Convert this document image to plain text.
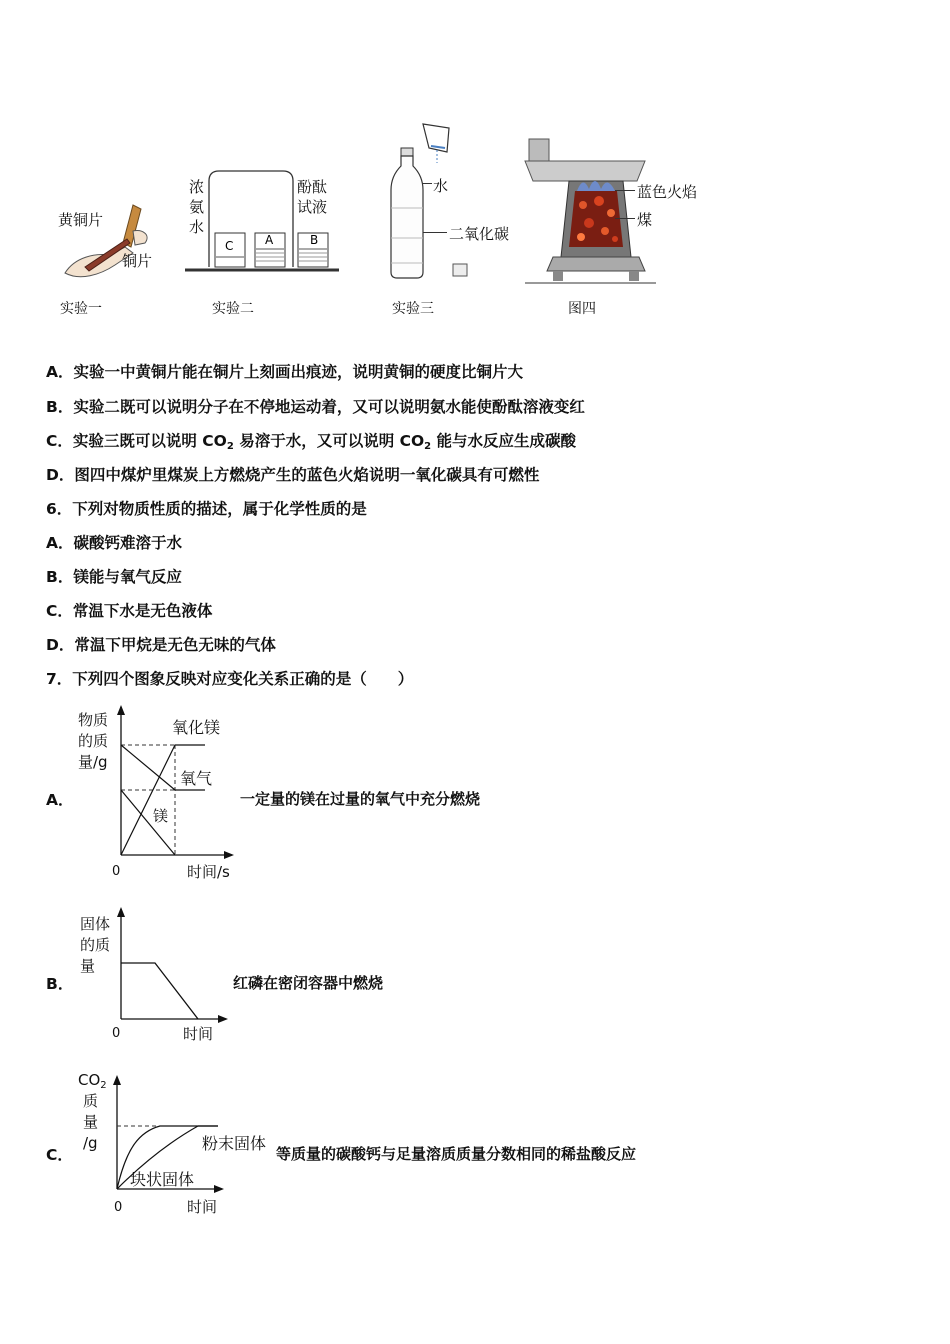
黄铜片
铜片
实验一
C	A	B
浓
氨
水
酚酞
试液
实验二
水
二氧化碳
实验三
蓝色火焰
煤
图四
A．实验一中黄铜片能在铜片上刻画出痕迹，说明黄铜的硬度比铜片大
B．实验二既可以说明分子在不停地运动着，又可以说明氨水能使酚酞溶液变红
C．实验三既可以说明 $CO_2$ 易溶于水，又可以说明 $CO_2$ 能与水反应生成碳酸
D．图四中煤炉里煤炭上方燃烧产生的蓝色火焰说明一氧化碳具有可燃性
6．下列对物质性质的描述，属于化学性质的是
A．碳酸钙难溶于水
B．镁能与氧气反应
C．常温下水是无色液体
D．常温下甲烷是无色无味的气体
7．下列四个图象反映对应变化关系正确的是（　　）
A．
物质
的质
量/g
氧化镁
氧气
镁
0	时间/s
一定量的镁在过量的氧气中充分燃烧
B．
固体
的质
量
0	时间
红磷在密闭容器中燃烧
C．
$CO_2$
质
量
/g	粉末固体
块状固体
0	时间
等质量的碳酸钙与足量溶质质量分数相同的稀盐酸反应
